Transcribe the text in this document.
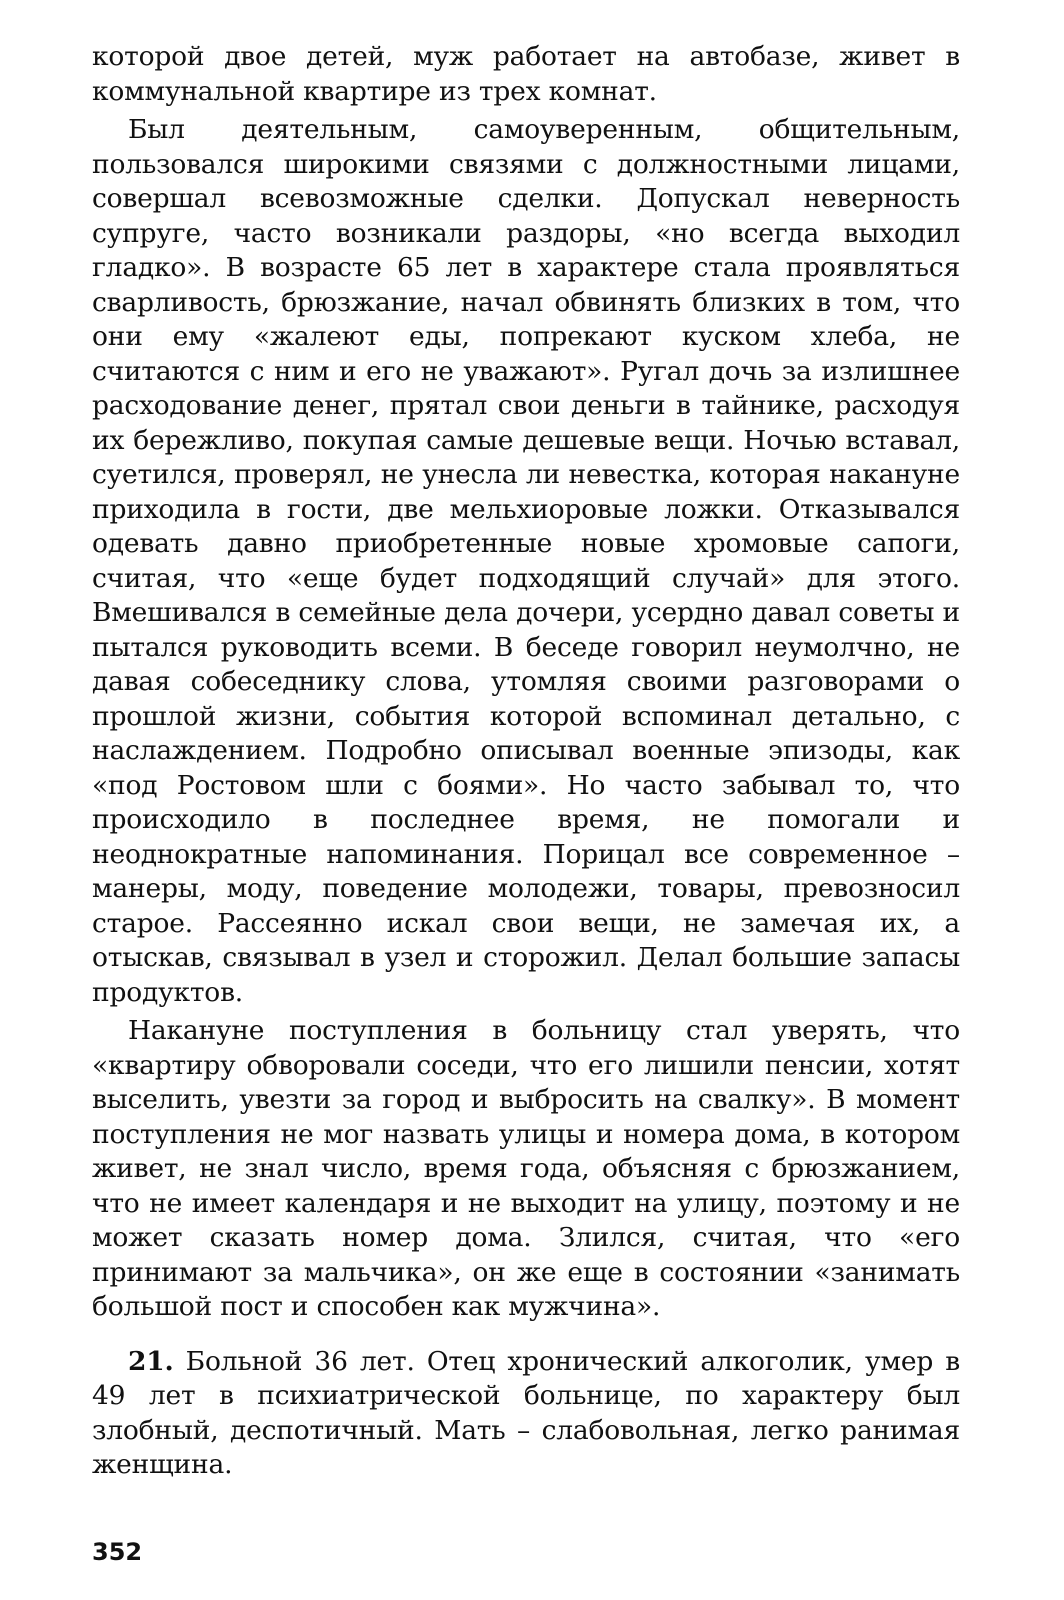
которой двое детей, муж работает на автобазе, живет в коммунальной квартире из трех комнат.

Был деятельным, самоуверенным, общительным, пользовался широкими связями с должностными лицами, совершал всевозможные сделки. Допускал неверность супруге, часто возникали раздоры, «но всегда выходил гладко». В возрасте 65 лет в характере стала проявляться сварливость, брюзжание, начал обвинять близких в том, что они ему «жалеют еды, попрекают куском хлеба, не считаются с ним и его не уважают». Ругал дочь за излишнее расходование денег, прятал свои деньги в тайнике, расходуя их бережливо, покупая самые дешевые вещи. Ночью вставал, суетился, проверял, не унесла ли невестка, которая накануне приходила в гости, две мельхиоровые ложки. Отказывался одевать давно приобретенные новые хромовые сапоги, считая, что «еще будет подходящий случай» для этого. Вмешивался в семейные дела дочери, усердно давал советы и пытался руководить всеми. В беседе говорил неумолчно, не давая собеседнику слова, утомляя своими разговорами о прошлой жизни, события которой вспоминал детально, с наслаждением. Подробно описывал военные эпизоды, как «под Ростовом шли с боями». Но часто забывал то, что происходило в последнее время, не помогали и неоднократные напоминания. Порицал все современное – манеры, моду, поведение молодежи, товары, превозносил старое. Рассеянно искал свои вещи, не замечая их, а отыскав, связывал в узел и сторожил. Делал большие запасы продуктов.

Накануне поступления в больницу стал уверять, что «квартиру обворовали соседи, что его лишили пенсии, хотят выселить, увезти за город и выбросить на свалку». В момент поступления не мог назвать улицы и номера дома, в котором живет, не знал число, время года, объясняя с брюзжанием, что не имеет календаря и не выходит на улицу, поэтому и не может сказать номер дома. Злился, считая, что «его принимают за мальчика», он же еще в состоянии «занимать большой пост и способен как мужчина».

21. Больной 36 лет. Отец хронический алкоголик, умер в 49 лет в психиатрической больнице, по характеру был злобный, деспотичный. Мать – слабовольная, легко ранимая женщина.

352
